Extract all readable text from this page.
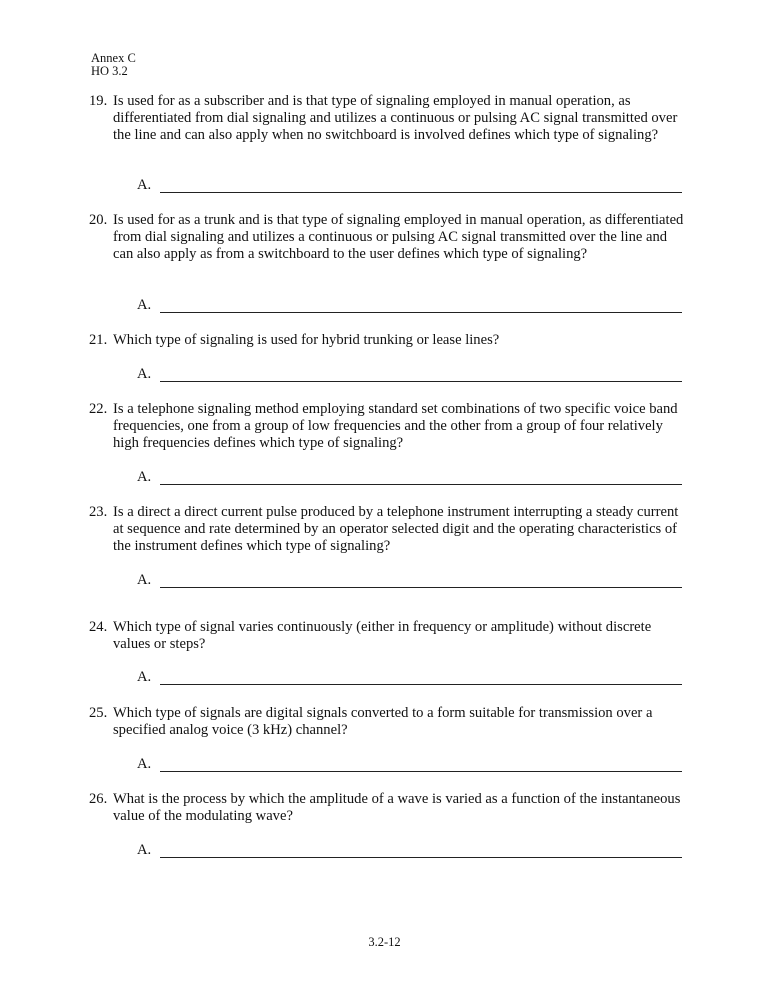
Annex C
HO 3.2
19. Is used for as a subscriber and is that type of signaling employed in manual operation, as differentiated from dial signaling and utilizes a continuous or pulsing AC signal transmitted over the line and can also apply when no switchboard is involved defines which type of signaling?
A.
20. Is used for as a trunk and is that type of signaling employed in manual operation, as differentiated from dial signaling and utilizes a continuous or pulsing AC signal transmitted over the line and can also apply as from a switchboard to the user defines which type of signaling?
A.
21. Which type of signaling is used for hybrid trunking or lease lines?
A.
22. Is a telephone signaling method employing standard set combinations of two specific voice band frequencies, one from a group of low frequencies and the other from a group of four relatively high frequencies defines which type of signaling?
A.
23. Is a direct a direct current pulse produced by a telephone instrument interrupting a steady current at sequence and rate determined by an operator selected digit and the operating characteristics of the instrument defines which type of signaling?
A.
24. Which type of signal varies continuously (either in frequency or amplitude) without discrete values or steps?
A.
25. Which type of signals are digital signals converted to a form suitable for transmission over a specified analog voice (3 kHz) channel?
A.
26. What is the process by which the amplitude of a wave is varied as a function of the instantaneous value of the modulating wave?
A.
3.2-12
